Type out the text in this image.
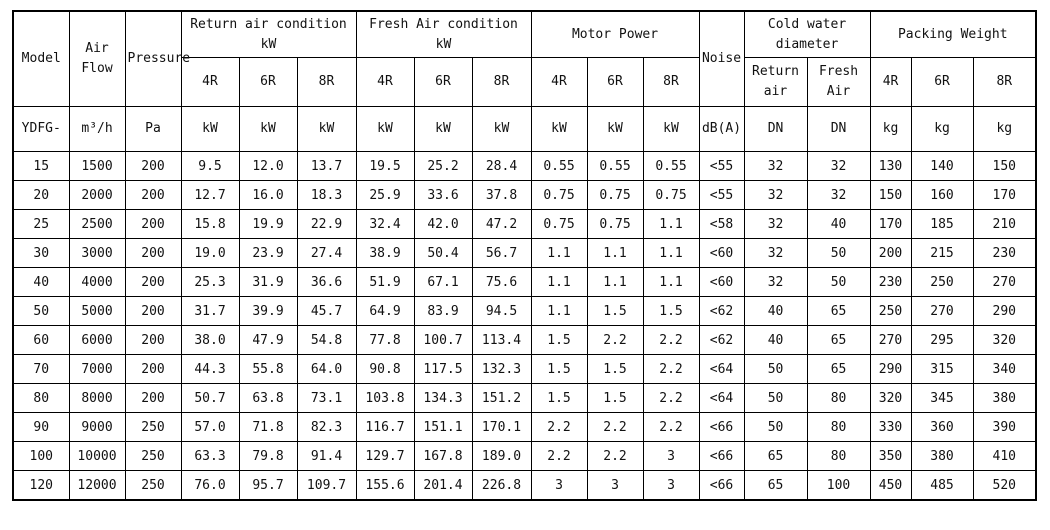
Model	Air Flow	Pressure	Return air condition kW			Fresh Air condition kW			Motor Power			Noise	Cold water diameter		Packing Weight		
			4R	6R	8R	4R	6R	8R	4R	6R	8R		Return air	Fresh Air	4R	6R	8R
YDFG-	m³/h	Pa	kW	kW	kW	kW	kW	kW	kW	kW	kW	dB(A)	DN	DN	kg	kg	kg
15	1500	200	9.5	12.0	13.7	19.5	25.2	28.4	0.55	0.55	0.55	<55	32	32	130	140	150
20	2000	200	12.7	16.0	18.3	25.9	33.6	37.8	0.75	0.75	0.75	<55	32	32	150	160	170
25	2500	200	15.8	19.9	22.9	32.4	42.0	47.2	0.75	0.75	1.1	<58	32	40	170	185	210
30	3000	200	19.0	23.9	27.4	38.9	50.4	56.7	1.1	1.1	1.1	<60	32	50	200	215	230
40	4000	200	25.3	31.9	36.6	51.9	67.1	75.6	1.1	1.1	1.1	<60	32	50	230	250	270
50	5000	200	31.7	39.9	45.7	64.9	83.9	94.5	1.1	1.5	1.5	<62	40	65	250	270	290
60	6000	200	38.0	47.9	54.8	77.8	100.7	113.4	1.5	2.2	2.2	<62	40	65	270	295	320
70	7000	200	44.3	55.8	64.0	90.8	117.5	132.3	1.5	1.5	2.2	<64	50	65	290	315	340
80	8000	200	50.7	63.8	73.1	103.8	134.3	151.2	1.5	1.5	2.2	<64	50	80	320	345	380
90	9000	250	57.0	71.8	82.3	116.7	151.1	170.1	2.2	2.2	2.2	<66	50	80	330	360	390
100	10000	250	63.3	79.8	91.4	129.7	167.8	189.0	2.2	2.2	3	<66	65	80	350	380	410
120	12000	250	76.0	95.7	109.7	155.6	201.4	226.8	3	3	3	<66	65	100	450	485	520
